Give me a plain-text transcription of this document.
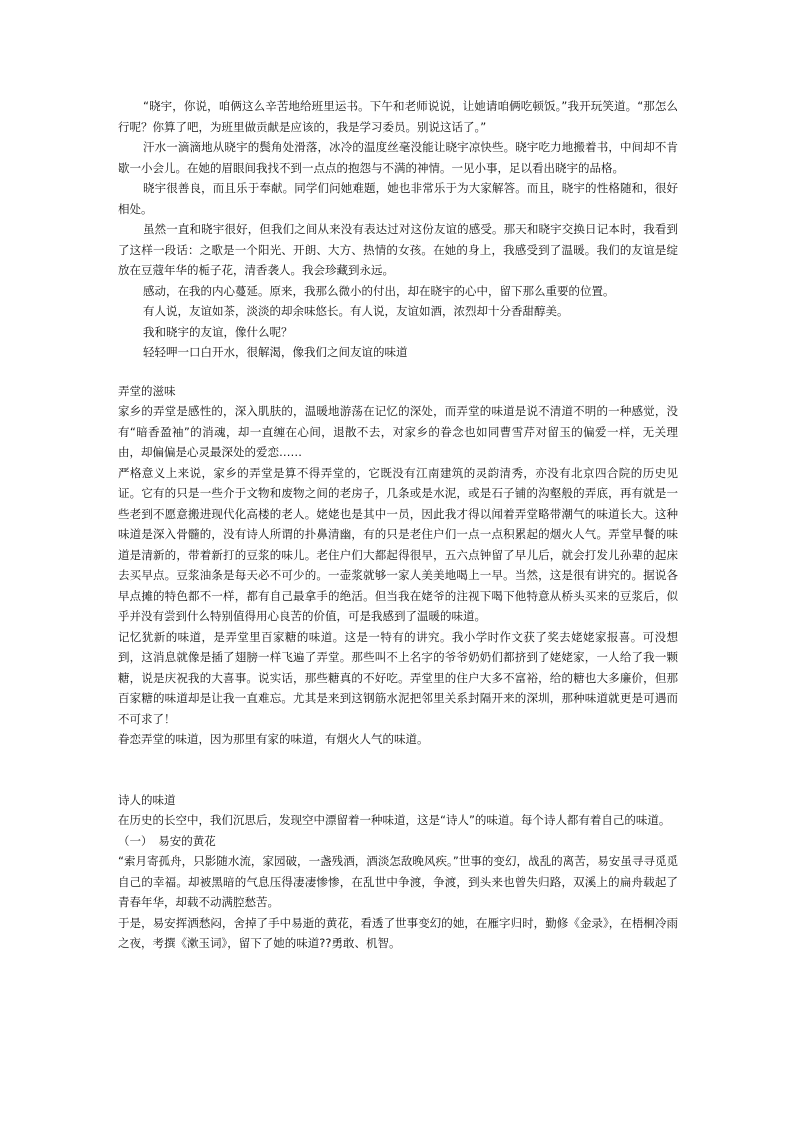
“晓宇，你说，咱俩这么辛苦地给班里运书。下午和老师说说，让她请咱俩吃顿饭。”我开玩笑道。“那怎么行呢？你算了吧，为班里做贡献是应该的，我是学习委员。别说这话了。”

汗水一滴滴地从晓宇的鬓角处滑落，冰冷的温度丝毫没能让晓宇凉快些。晓宇吃力地搬着书，中间却不肯歇一小会儿。在她的眉眼间我找不到一点点的抱怨与不满的神情。一见小事，足以看出晓宇的品格。

晓宇很善良，而且乐于奉献。同学们问她难题，她也非常乐于为大家解答。而且，晓宇的性格随和，很好相处。

虽然一直和晓宇很好，但我们之间从来没有表达过对这份友谊的感受。那天和晓宇交换日记本时，我看到了这样一段话：之歌是一个阳光、开朗、大方、热情的女孩。在她的身上，我感受到了温暖。我们的友谊是绽放在豆蔻年华的栀子花，清香袭人。我会珍藏到永远。

感动，在我的内心蔓延。原来，我那么微小的付出，却在晓宇的心中，留下那么重要的位置。

有人说，友谊如茶，淡淡的却余味悠长。有人说，友谊如酒，浓烈却十分香甜醇美。

我和晓宇的友谊，像什么呢？

轻轻呷一口白开水，很解渴，像我们之间友谊的味道

弄堂的滋味

家乡的弄堂是感性的，深入肌肤的，温暖地游荡在记忆的深处，而弄堂的味道是说不清道不明的一种感觉，没有“暗香盈袖”的消魂，却一直缠在心间，退散不去，对家乡的眷念也如同曹雪芹对留玉的偏爱一样，无关理由，却偏偏是心灵最深处的爱恋……

严格意义上来说，家乡的弄堂是算不得弄堂的，它既没有江南建筑的灵韵清秀，亦没有北京四合院的历史见证。它有的只是一些介于文物和废物之间的老房子，几条或是水泥，或是石子铺的沟壑般的弄底，再有就是一些老到不愿意搬进现代化高楼的老人。姥姥也是其中一员，因此我才得以闻着弄堂略带潮气的味道长大。这种味道是深入骨髓的，没有诗人所谓的扑鼻清幽，有的只是老住户们一点一点积累起的烟火人气。弄堂早餐的味道是清新的，带着新打的豆浆的味儿。老住户们大都起得很早，五六点钟留了早儿后，就会打发儿孙辈的起床去买早点。豆浆油条是每天必不可少的。一壶浆就够一家人美美地喝上一早。当然，这是很有讲究的。据说各早点摊的特色都不一样，都有自己最拿手的绝活。但当我在姥爷的注视下喝下他特意从桥头买来的豆浆后，似乎并没有尝到什么特别值得用心良苦的价值，可是我感到了温暖的味道。

记忆犹新的味道，是弄堂里百家糖的味道。这是一特有的讲究。我小学时作文获了奖去姥姥家报喜。可没想到，这消息就像是插了翅膀一样飞遍了弄堂。那些叫不上名字的爷爷奶奶们都挤到了姥姥家，一人给了我一颗糖，说是庆祝我的大喜事。说实话，那些糖真的不好吃。弄堂里的住户大多不富裕，给的糖也大多廉价，但那百家糖的味道却是让我一直难忘。尤其是来到这钢筋水泥把邻里关系封隔开来的深圳，那种味道就更是可遇而不可求了！

眷恋弄堂的味道，因为那里有家的味道，有烟火人气的味道。

诗人的味道

在历史的长空中，我们沉思后，发现空中漂留着一种味道，这是“诗人”的味道。每个诗人都有着自己的味道。

（一）　易安的黄花

“索月寄孤舟，只影随水流，家园破，一盏残酒，酒淡怎敌晚风疾。”世事的变幻，战乱的离苦，易安虽寻寻觅觅自己的幸福。却被黑暗的气息压得凄凄惨惨，在乱世中争渡，争渡，到头来也曾失归路，双溪上的扁舟载起了青春年华，却载不动满腔愁苦。

于是，易安挥洒愁闷，舍掉了手中易逝的黄花，看透了世事变幻的她，在雁字归时，勤修《金录》，在梧桐冷雨之夜，考撰《漱玉词》，留下了她的味道??勇敢、机智。
